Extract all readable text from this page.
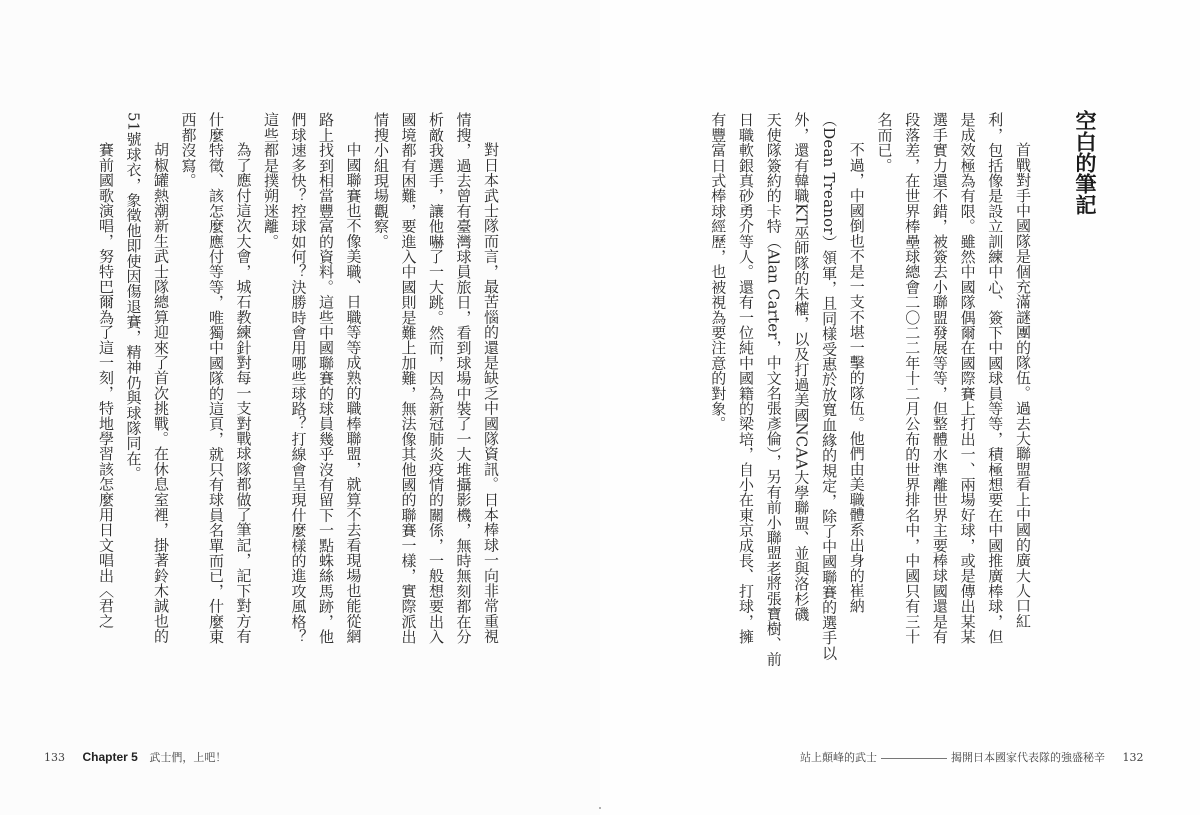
空白的筆記
首戰對手中國隊是個充滿謎團的隊伍。過去大聯盟看上中國的廣大人口紅
利，包括像是設立訓練中心、簽下中國球員等等，積極想要在中國推廣棒球，但
是成效極為有限。雖然中國隊偶爾在國際賽上打出一、兩場好球，或是傳出某某
選手實力還不錯，被簽去小聯盟發展等等，但整體水準離世界主要棒球國還是有
段落差，在世界棒壘球總會二〇二二年十二月公布的世界排名中，中國只有三十
名而已。
不過，中國倒也不是一支不堪一擊的隊伍。他們由美職體系出身的崔納
（Dean Treanor）領軍，且同樣受惠於放寬血緣的規定，除了中國聯賽的選手以
外，還有韓職KT巫師隊的朱權，以及打過美國NCAA大學聯盟、並與洛杉磯
天使隊簽約的卡特（Alan Carter，中文名張彥倫），另有前小聯盟老將張寶樹、前
日職軟銀真砂勇介等人。還有一位純中國籍的梁培，自小在東京成長、打球，擁
有豐富日式棒球經歷，也被視為要注意的對象。
對日本武士隊而言，最苦惱的還是缺乏中國隊資訊。日本棒球一向非常重視
情搜，過去曾有臺灣球員旅日，看到球場中裝了一大堆攝影機，無時無刻都在分
析敵我選手，讓他嚇了一大跳。然而，因為新冠肺炎疫情的關係，一般想要出入
國境都有困難，要進入中國則是難上加難，無法像其他國的聯賽一樣，實際派出
情搜小組現場觀察。
中國聯賽也不像美職、日職等等成熟的職棒聯盟，就算不去看現場也能從網
路上找到相當豐富的資料。這些中國聯賽的球員幾乎沒有留下一點蛛絲馬跡，他
們球速多快？控球如何？決勝時會用哪些球路？打線會呈現什麼樣的進攻風格？
這些都是撲朔迷離。
為了應付這次大會，城石教練針對每一支對戰球隊都做了筆記，記下對方有
什麼特徵、該怎麼應付等等，唯獨中國隊的這頁，就只有球員名單而已，什麼東
西都沒寫。
胡椒罐熱潮新生武士隊總算迎來了首次挑戰。在休息室裡，掛著鈴木誠也的
51號球衣，象徵他即使因傷退賽，精神仍與球隊同在。
賽前國歌演唱，努特巴爾為了這一刻，特地學習該怎麼用日文唱出〈君之
133 Chapter 5 武士們，上吧！	站上顛峰的武士	揭開日本國家代表隊的強盛秘辛 132
